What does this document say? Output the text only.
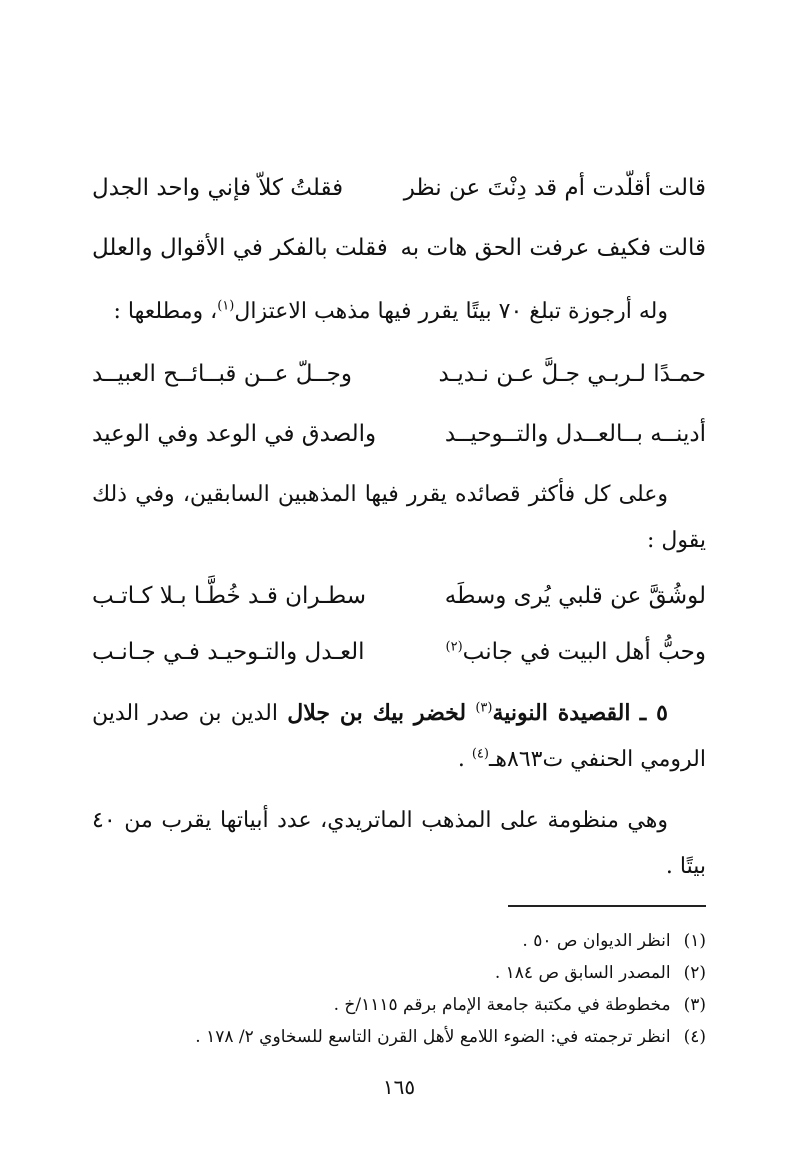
قالت أقلّدت أم قد دِنْتَ عن نظر
فقلتُ كلاّ فإني واحد الجدل
قالت فكيف عرفت الحق هات به
فقلت بالفكر في الأقوال والعلل
وله أرجوزة تبلغ ٧٠ بيتًا يقرر فيها مذهب الاعتزال$^{(١)}$، ومطلعها :
حمـدًا لـربـي جـلَّ عـن نـديـد
وجــلّ عــن قبــائــح العبيــد
أدينــه بــالعــدل والتــوحيــد
والصدق في الوعد وفي الوعيد
وعلى كل فأكثر قصائده يقرر فيها المذهبين السابقين، وفي ذلك يقول :
لوشُقَّ عن قلبي يُرى وسطَه
سطـران قـد خُطَّـا بـلا كـاتـب
وحبُّ أهل البيت في جانب$^{(٢)}$
العـدل والتـوحيـد فـي جـانـب
٥ ـ القصيدة النونية$^{(٣)}$ لخضر بيك بن جلال الدين بن صدر الدين الرومي الحنفي ت٨٦٣هـ$^{(٤)}$ .
وهي منظومة على المذهب الماتريدي، عدد أبياتها يقرب من ٤٠ بيتًا .
(١) انظر الديوان ص ٥٠ .
(٢) المصدر السابق ص ١٨٤ .
(٣) مخطوطة في مكتبة جامعة الإمام برقم ١١١٥/خ .
(٤) انظر ترجمته في: الضوء اللامع لأهل القرن التاسع للسخاوي ٢/ ١٧٨ .
١٦٥
